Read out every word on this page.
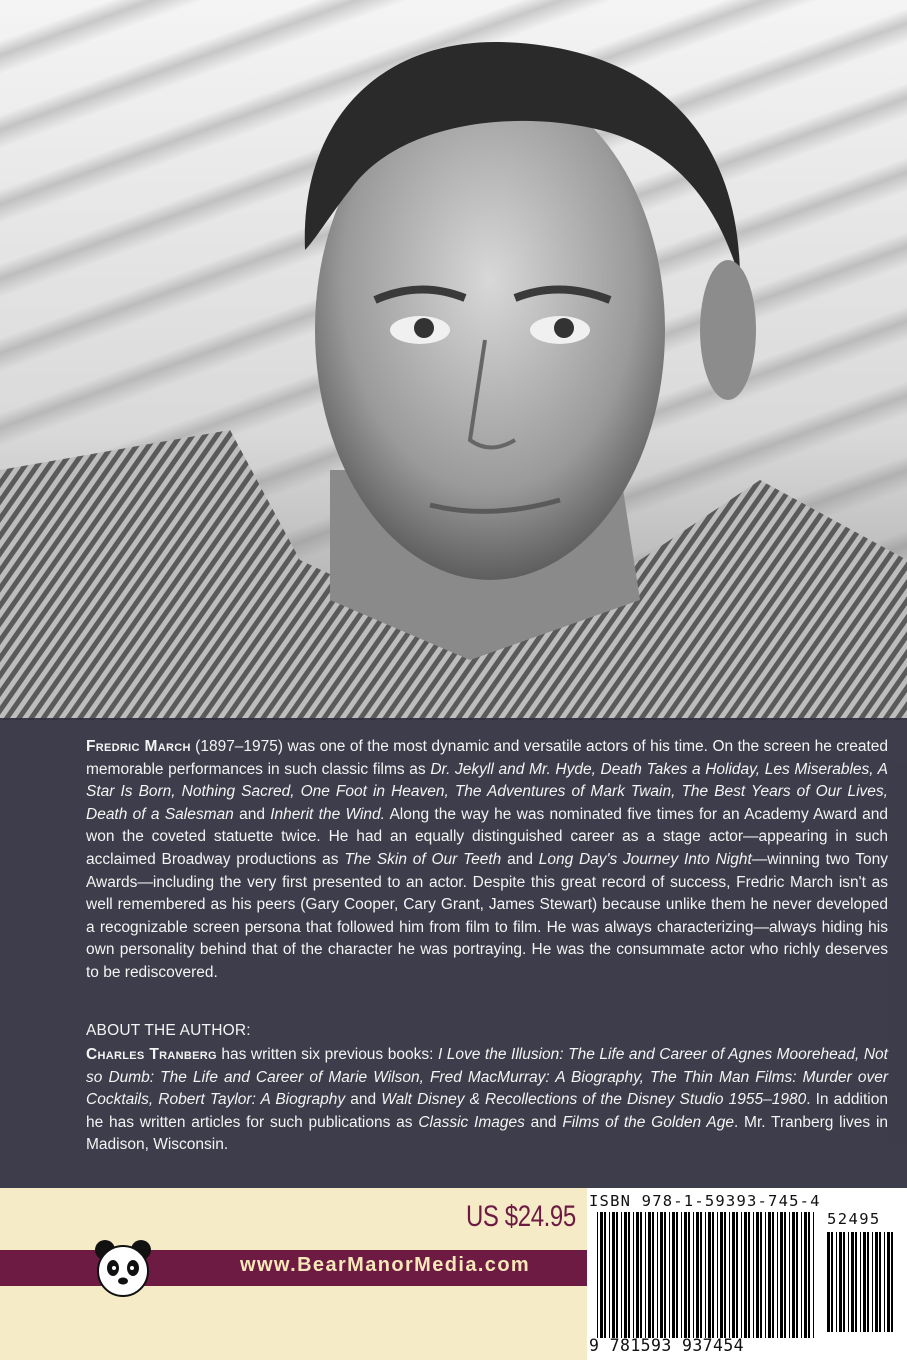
Fredric March (1897–1975) was one of the most dynamic and versatile actors of his time. On the screen he created memorable performances in such classic films as Dr. Jekyll and Mr. Hyde, Death Takes a Holiday, Les Miserables, A Star Is Born, Nothing Sacred, One Foot in Heaven, The Adventures of Mark Twain, The Best Years of Our Lives, Death of a Salesman and Inherit the Wind. Along the way he was nominated five times for an Academy Award and won the coveted statuette twice. He had an equally distinguished career as a stage actor—appearing in such acclaimed Broadway productions as The Skin of Our Teeth and Long Day's Journey Into Night—winning two Tony Awards—including the very first presented to an actor. Despite this great record of success, Fredric March isn't as well remembered as his peers (Gary Cooper, Cary Grant, James Stewart) because unlike them he never developed a recognizable screen persona that followed him from film to film. He was always characterizing—always hiding his own personality behind that of the character he was portraying. He was the consummate actor who richly deserves to be rediscovered.

ABOUT THE AUTHOR:

Charles Tranberg has written six previous books: I Love the Illusion: The Life and Career of Agnes Moorehead, Not so Dumb: The Life and Career of Marie Wilson, Fred MacMurray: A Biography, The Thin Man Films: Murder over Cocktails, Robert Taylor: A Biography and Walt Disney & Recollections of the Disney Studio 1955–1980. In addition he has written articles for such publications as Classic Images and Films of the Golden Age. Mr. Tranberg lives in Madison, Wisconsin.

US $24.95
www.BearManorMedia.com
ISBN 978-1-59393-745-4
52495
9 781593 937454
